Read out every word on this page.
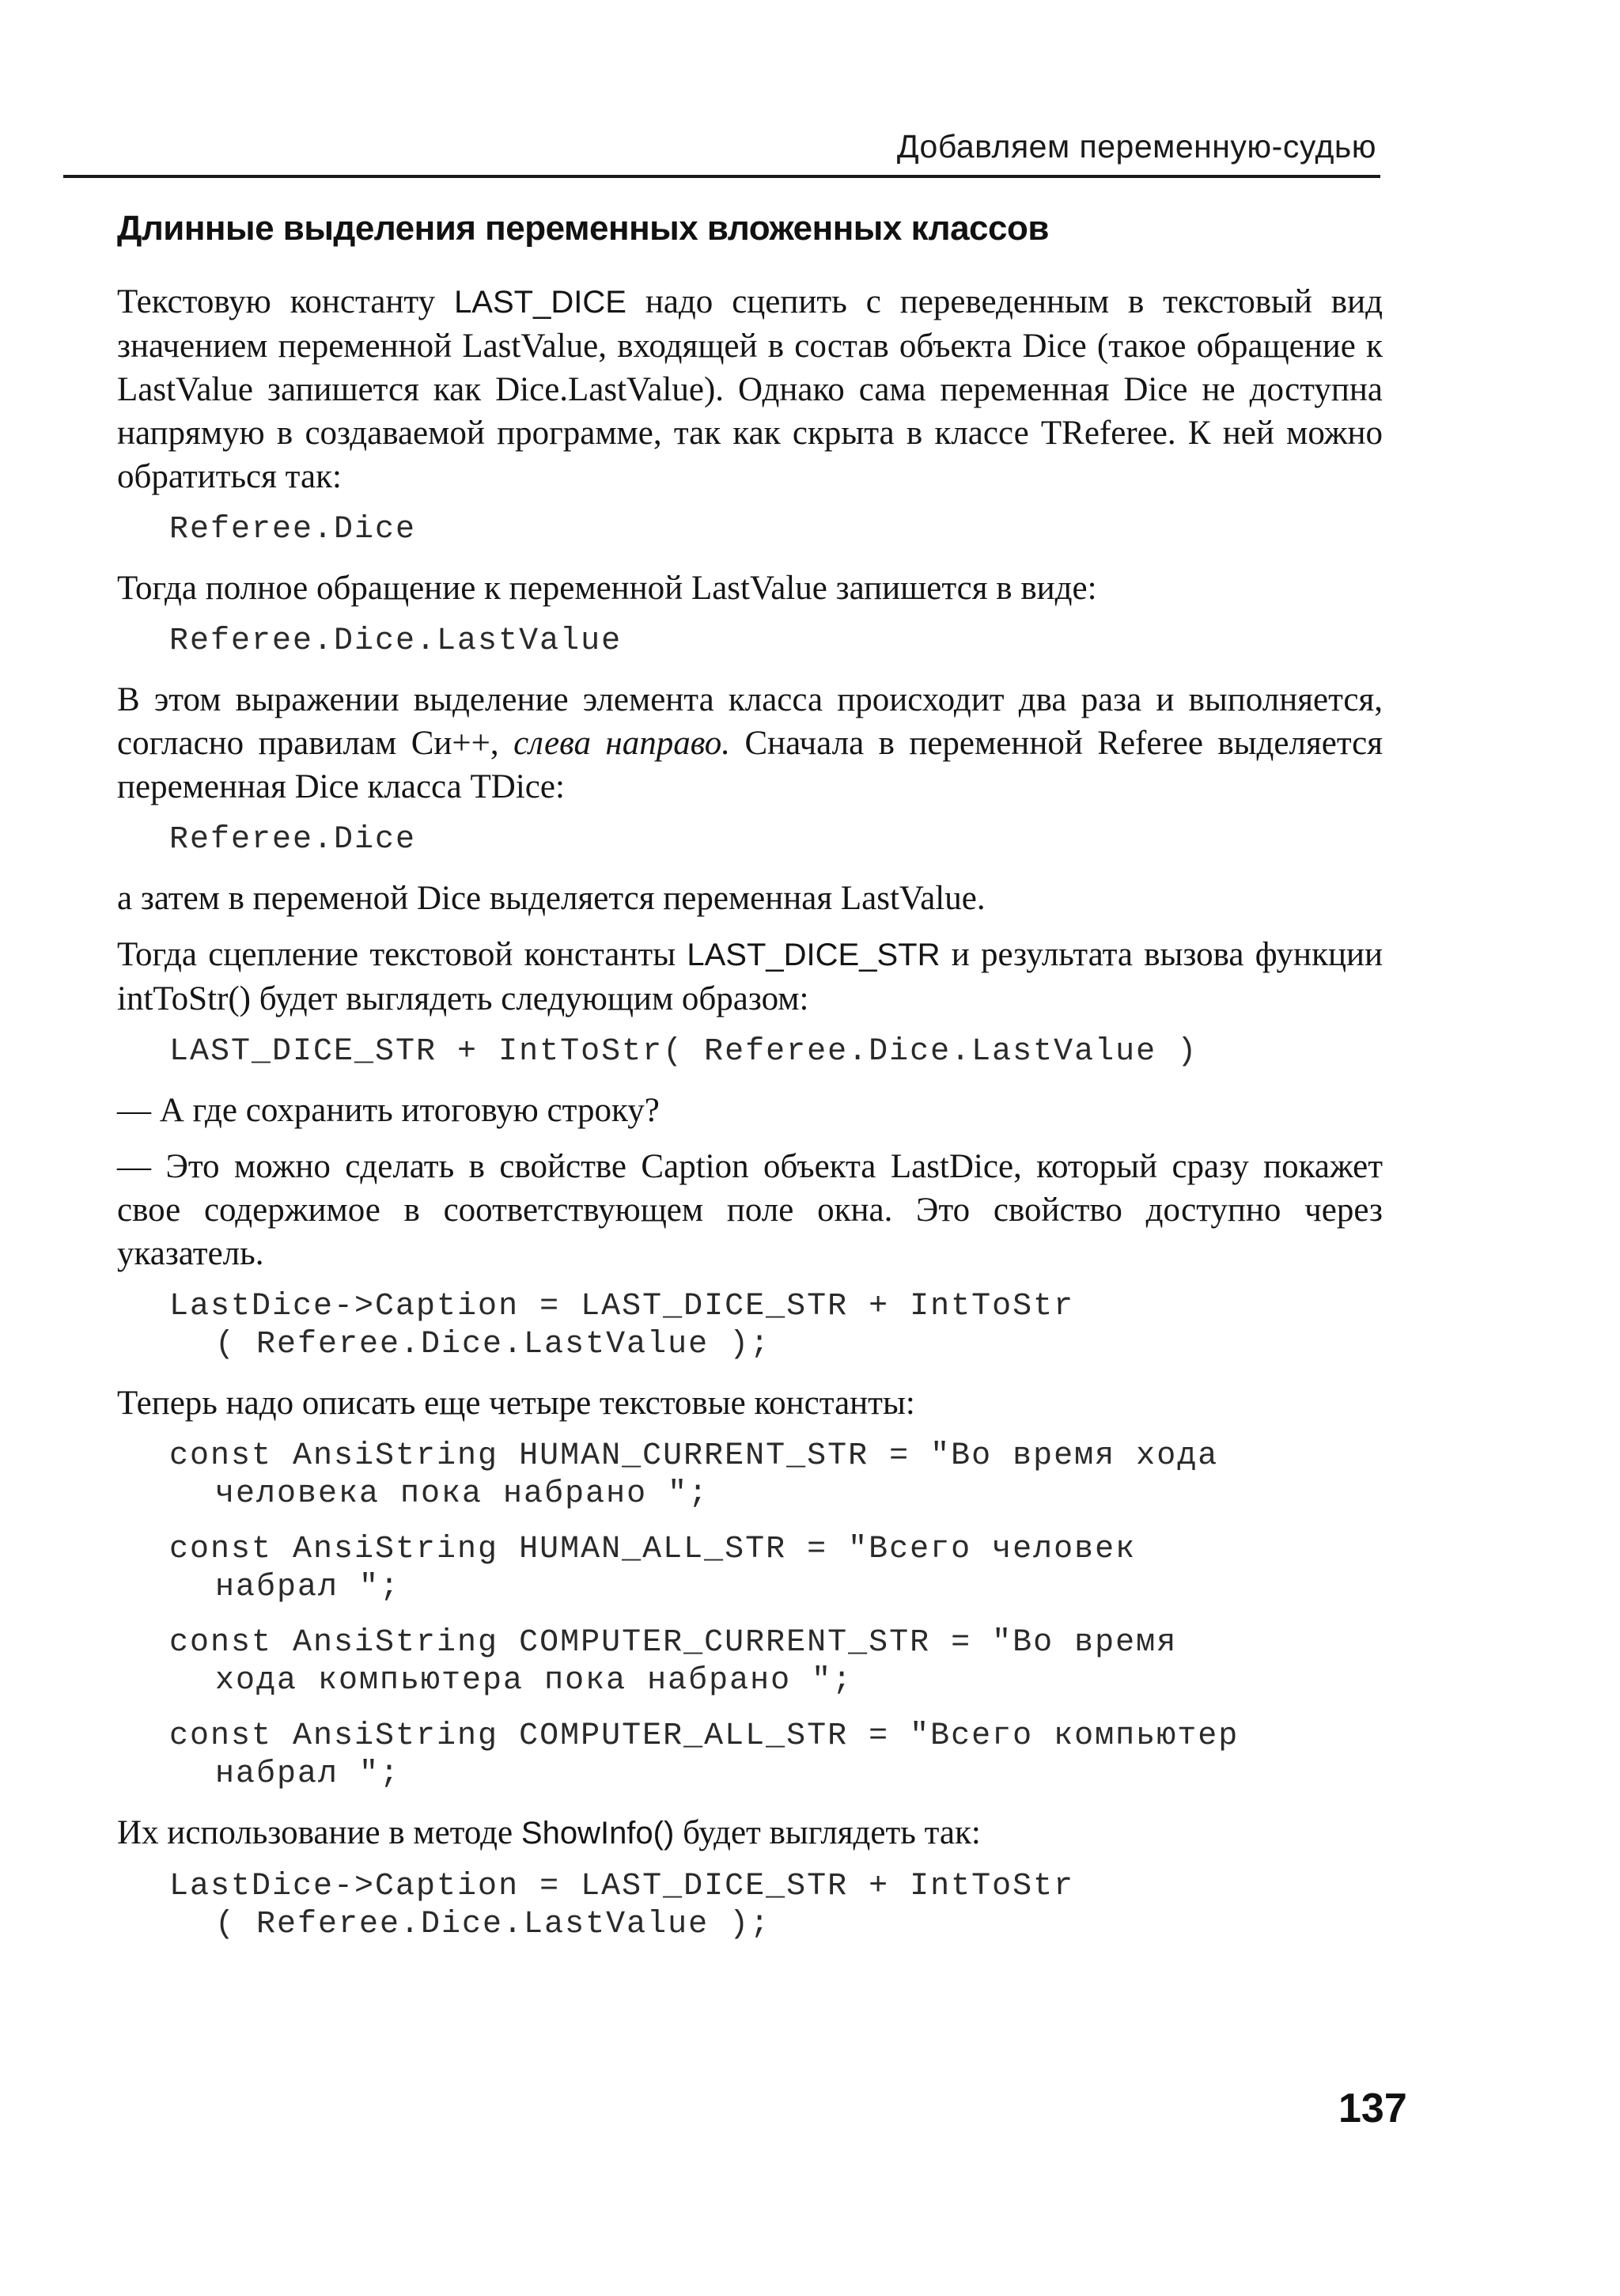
Добавляем переменную-судью
Длинные выделения переменных вложенных классов

Текстовую константу LAST_DICE надо сцепить с переведенным в текстовый вид значением переменной LastValue, входящей в состав объекта Dice (такое обращение к LastValue запишется как Dice.LastValue). Однако сама переменная Dice не доступна напрямую в создаваемой программе, так как скрыта в классе TReferee. К ней можно обратиться так:

Referee.Dice

Тогда полное обращение к переменной LastValue запишется в виде:

Referee.Dice.LastValue

В этом выражении выделение элемента класса происходит два раза и выполняется, согласно правилам Си++, слева направо. Сначала в переменной Referee выделяется переменная Dice класса TDice:

Referee.Dice

а затем в переменой Dice выделяется переменная LastValue.

Тогда сцепление текстовой константы LAST_DICE_STR и результата вызова функции intToStr() будет выглядеть следующим образом:

LAST_DICE_STR + IntToStr( Referee.Dice.LastValue )

— А где сохранить итоговую строку?

— Это можно сделать в свойстве Caption объекта LastDice, который сразу покажет свое содержимое в соответствующем поле окна. Это свойство доступно через указатель.

LastDice->Caption = LAST_DICE_STR + IntToStr
( Referee.Dice.LastValue );

Теперь надо описать еще четыре текстовые константы:

const AnsiString HUMAN_CURRENT_STR = "Во время хода
человека пока набрано ";
const AnsiString HUMAN_ALL_STR = "Всего человек
набрал ";
const AnsiString COMPUTER_CURRENT_STR = "Во время
хода компьютера пока набрано ";
const AnsiString COMPUTER_ALL_STR = "Всего компьютер
набрал ";

Их использование в методе ShowInfo() будет выглядеть так:

LastDice->Caption = LAST_DICE_STR + IntToStr
( Referee.Dice.LastValue );
137
